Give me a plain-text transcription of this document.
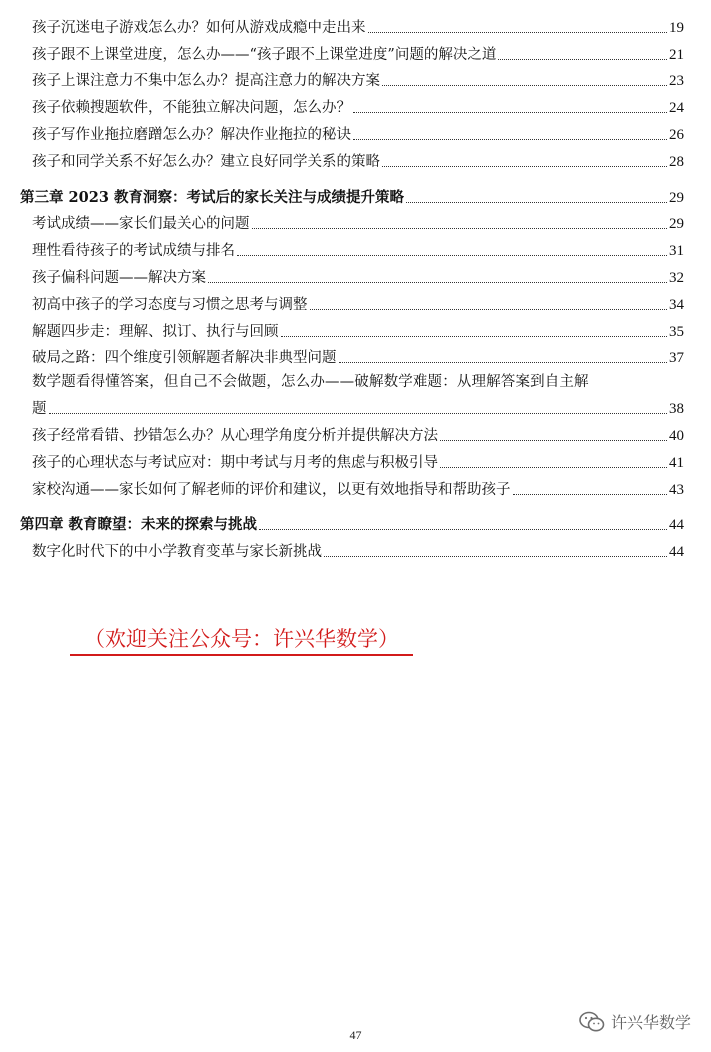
孩子沉迷电子游戏怎么办？如何从游戏成瘾中走出来	19
孩子跟不上课堂进度，怎么办——“孩子跟不上课堂进度”问题的解决之道	21
孩子上课注意力不集中怎么办？提高注意力的解决方案	23
孩子依赖搜题软件，不能独立解决问题，怎么办？	24
孩子写作业拖拉磨蹭怎么办？解决作业拖拉的秘诀	26
孩子和同学关系不好怎么办？建立良好同学关系的策略	28
第三章 2023 教育洞察：考试后的家长关注与成绩提升策略	29
考试成绩——家长们最关心的问题	29
理性看待孩子的考试成绩与排名	31
孩子偏科问题——解决方案	32
初高中孩子的学习态度与习惯之思考与调整	34
解题四步走：理解、拟订、执行与回顾	35
破局之路：四个维度引领解题者解决非典型问题	37
数学题看得懂答案，但自己不会做题，怎么办——破解数学难题：从理解答案到自主解
题	38
孩子经常看错、抄错怎么办？从心理学角度分析并提供解决方法	40
孩子的心理状态与考试应对：期中考试与月考的焦虑与积极引导	41
家校沟通——家长如何了解老师的评价和建议，以更有效地指导和帮助孩子	43
第四章 教育瞭望：未来的探索与挑战	44
数字化时代下的中小学教育变革与家长新挑战	44
（欢迎关注公众号：许兴华数学）
47
许兴华数学
